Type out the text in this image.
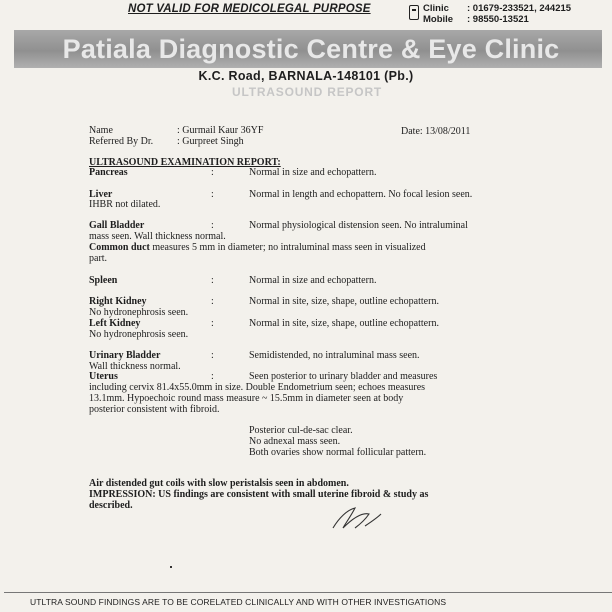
NOT VALID FOR MEDICOLEGAL PURPOSE	Clinic : 01679-233521, 244215
Mobile : 98550-13521
Patiala Diagnostic Centre & Eye Clinic
K.C. Road, BARNALA-148101 (Pb.)
ULTRASOUND REPORT
Name	: Gurmail Kaur 36YF	Date: 13/08/2011
Referred By Dr. : Gurpreet Singh
ULTRASOUND EXAMINATION REPORT:
Pancreas	:	Normal in size and echopattern.
Liver	:	Normal in length and echopattern. No focal lesion seen.
IHBR not dilated.
Gall Bladder	:	Normal physiological distension seen. No intraluminal
mass seen. Wall thickness normal.
Common duct measures 5 mm in diameter; no intraluminal mass seen in visualized
part.
Spleen	:	Normal in size and echopattern.
Right Kidney	:	Normal in site, size, shape, outline echopattern.
No hydronephrosis seen.
Left Kidney	:	Normal in site, size, shape, outline echopattern.
No hydronephrosis seen.
Urinary Bladder	:	Semidistended, no intraluminal mass seen.
Wall thickness normal.
Uterus	:	Seen posterior to urinary bladder and measures
including cervix 81.4x55.0mm in size. Double Endometrium seen; echoes measures
13.1mm. Hypoechoic round mass measure ~ 15.5mm in diameter seen at body
posterior consistent with fibroid.
Posterior cul-de-sac clear.
No adnexal mass seen.
Both ovaries show normal follicular pattern.
Air distended gut coils with slow peristalsis seen in abdomen.
IMPRESSION: US findings are consistent with small uterine fibroid & study as
described.
UTLTRA SOUND FINDINGS ARE TO BE CORELATED CLINICALLY AND WITH OTHER INVESTIGATIONS
